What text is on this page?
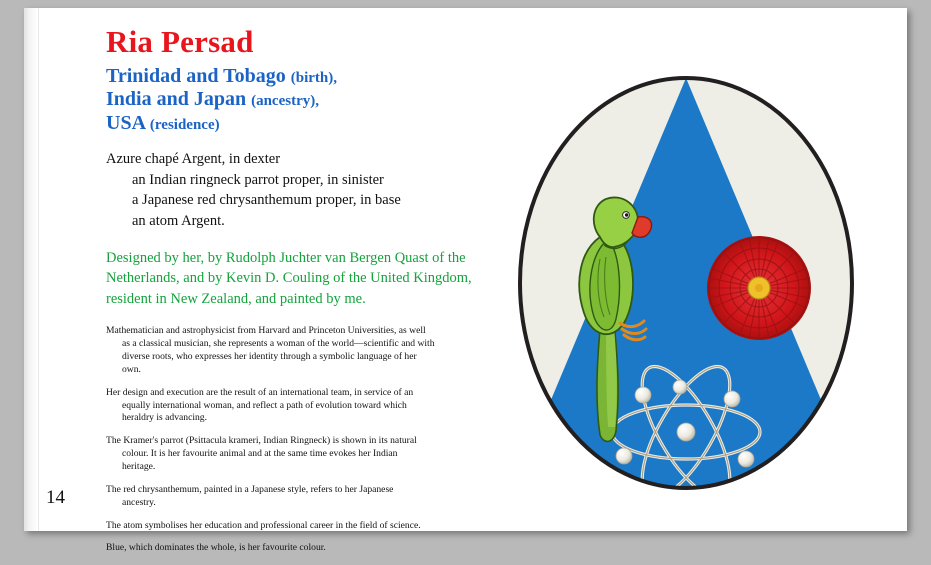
Ria Persad
Trinidad and Tobago (birth),
India and Japan (ancestry),
USA (residence)
Azure chapé Argent, in dexter
an Indian ringneck parrot proper, in sinister
a Japanese red chrysanthemum proper, in base
an atom Argent.
Designed by her, by Rudolph Juchter van Bergen Quast of the Netherlands, and by Kevin D. Couling of the United Kingdom, resident in New Zealand, and painted by me.

Mathematician and astrophysicist from Harvard and Princeton Universities, as well
as a classical musician, she represents a woman of the world—scientific and with
diverse roots, who expresses her identity through a symbolic language of her
own.

Her design and execution are the result of an international team, in service of an
equally international woman, and reflect a path of evolution toward which
heraldry is advancing.

The Kramer's parrot (Psittacula krameri, Indian Ringneck) is shown in its natural
colour. It is her favourite animal and at the same time evokes her Indian
heritage.

The red chrysanthemum, painted in a Japanese style, refers to her Japanese
ancestry.

The atom symbolises her education and professional career in the field of science.

Blue, which dominates the whole, is her favourite colour.

14
